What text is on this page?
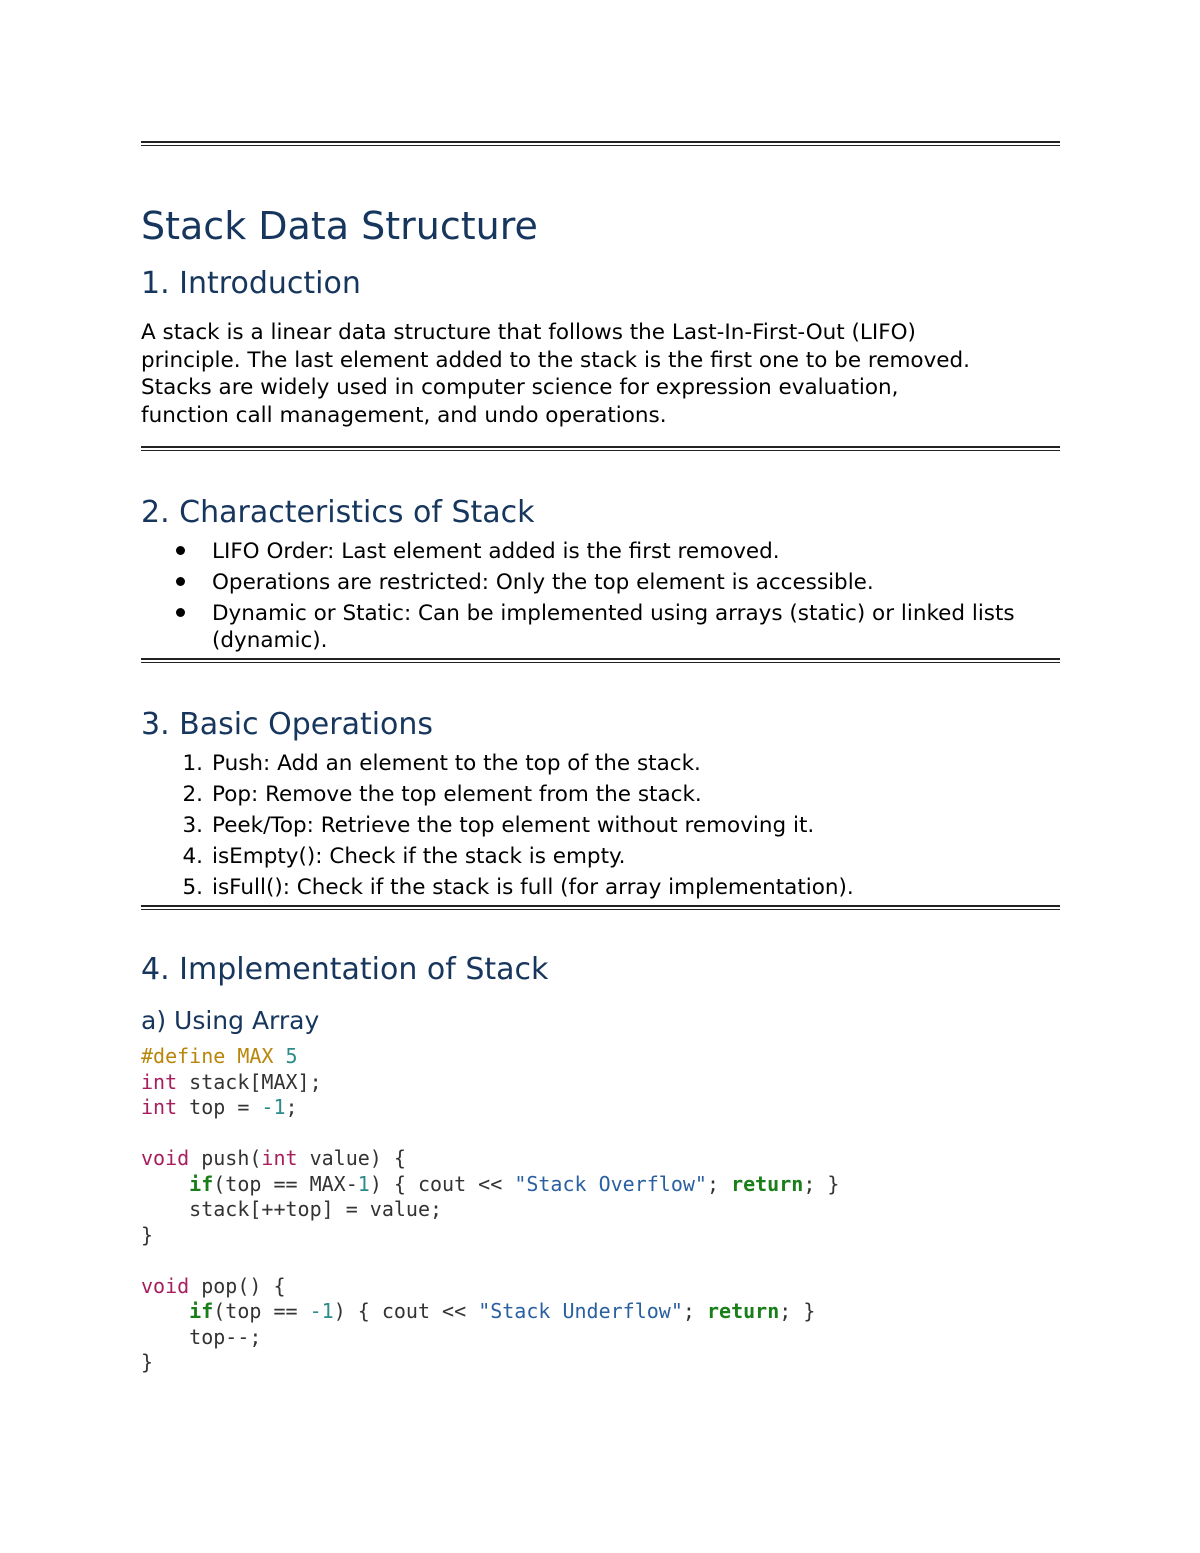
Stack Data Structure
1. Introduction
A stack is a linear data structure that follows the Last-In-First-Out (LIFO)
principle. The last element added to the stack is the first one to be removed.
Stacks are widely used in computer science for expression evaluation,
function call management, and undo operations.
2. Characteristics of Stack
LIFO Order: Last element added is the first removed.
Operations are restricted: Only the top element is accessible.
Dynamic or Static: Can be implemented using arrays (static) or linked lists (dynamic).
3. Basic Operations
1. Push: Add an element to the top of the stack.
2. Pop: Remove the top element from the stack.
3. Peek/Top: Retrieve the top element without removing it.
4. isEmpty(): Check if the stack is empty.
5. isFull(): Check if the stack is full (for array implementation).
4. Implementation of Stack
a) Using Array
#define MAX 5
int stack[MAX];
int top = -1;

void push(int value) {
if(top == MAX-1) { cout << "Stack Overflow"; return; }
stack[++top] = value;
}

void pop() {
if(top == -1) { cout << "Stack Underflow"; return; }
top--;
}
